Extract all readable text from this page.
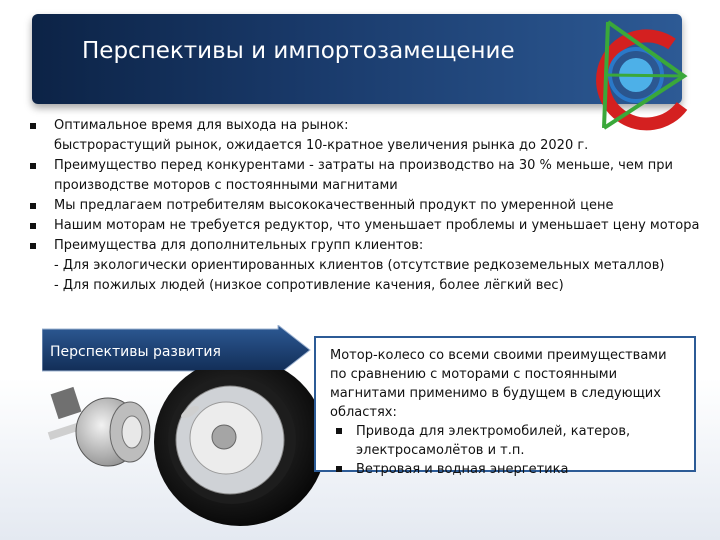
Перспективы и импортозамещение
Оптимальное время для выхода на рынок:
быстрорастущий рынок, ожидается 10-кратное увеличения рынка до 2020 г.
Преимущество перед конкурентами - затраты на производство на 30 % меньше, чем при
производстве моторов с постоянными магнитами
Мы предлагаем потребителям высококачественный продукт по умеренной цене
Нашим моторам не требуется редуктор, что уменьшает проблемы и уменьшает цену мотора
Преимущества для дополнительных групп клиентов:
- Для экологически ориентированных клиентов (отсутствие редкоземельных металлов)
- Для пожилых людей (низкое сопротивление качения, более лёгкий вес)
Перспективы развития	Мотор-колесо со всеми своими преимуществами по сравнению с моторами с постоянными магнитами применимо в будущем в следующих областях:
Привода для электромобилей, катеров, электросамолётов и т.п.
Ветровая и водная энергетика
